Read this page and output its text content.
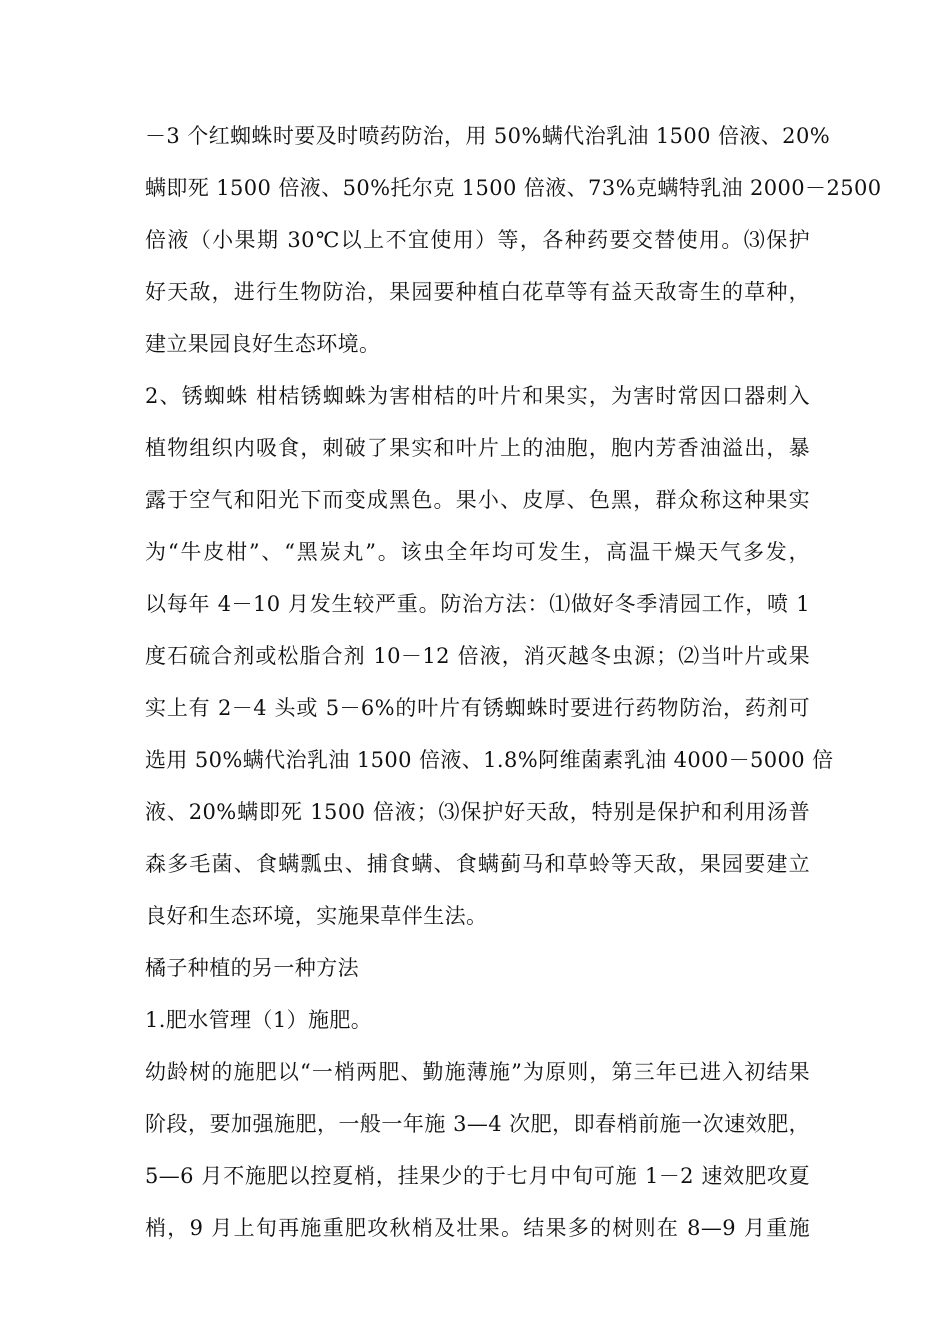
－3 个红蜘蛛时要及时喷药防治，用 50%螨代治乳油 1500 倍液、20%
螨即死 1500 倍液、50%托尔克 1500 倍液、73%克螨特乳油 2000－2500
倍液（小果期 30℃以上不宜使用）等，各种药要交替使用。⑶保护
好天敌，进行生物防治，果园要种植白花草等有益天敌寄生的草种，
建立果园良好生态环境。
2、锈蜘蛛 柑桔锈蜘蛛为害柑桔的叶片和果实，为害时常因口器刺入
植物组织内吸食，刺破了果实和叶片上的油胞，胞内芳香油溢出，暴
露于空气和阳光下而变成黑色。果小、皮厚、色黑，群众称这种果实
为“牛皮柑”、“黑炭丸”。该虫全年均可发生，高温干燥天气多发，
以每年 4－10 月发生较严重。防治方法：⑴做好冬季清园工作，喷 1
度石硫合剂或松脂合剂 10－12 倍液，消灭越冬虫源；⑵当叶片或果
实上有 2－4 头或 5－6%的叶片有锈蜘蛛时要进行药物防治，药剂可
选用 50%螨代治乳油 1500 倍液、1.8%阿维菌素乳油 4000－5000 倍
液、20%螨即死 1500 倍液；⑶保护好天敌，特别是保护和利用汤普
森多毛菌、食螨瓢虫、捕食螨、食螨蓟马和草蛉等天敌，果园要建立
良好和生态环境，实施果草伴生法。
橘子种植的另一种方法
1.肥水管理（1）施肥。
幼龄树的施肥以“一梢两肥、勤施薄施”为原则，第三年已进入初结果
阶段，要加强施肥，一般一年施 3—4 次肥，即春梢前施一次速效肥，
5—6 月不施肥以控夏梢，挂果少的于七月中旬可施 1－2 速效肥攻夏
梢，9 月上旬再施重肥攻秋梢及壮果。结果多的树则在 8—9 月重施
